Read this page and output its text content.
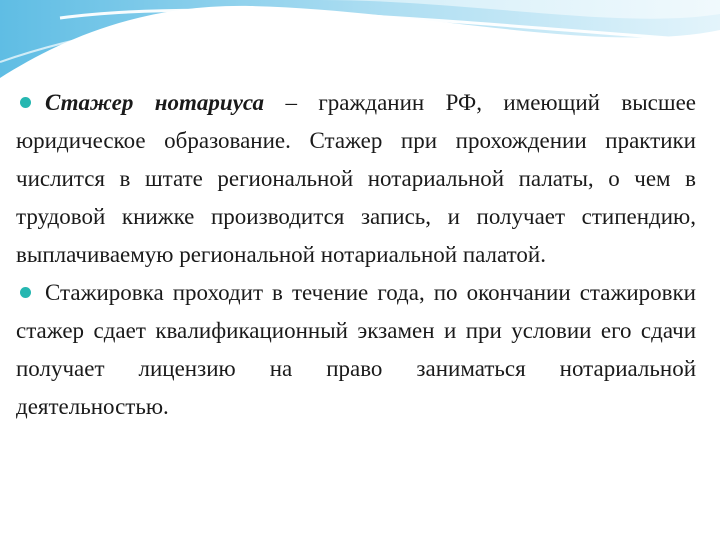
Стажер нотариуса – гражданин РФ, имеющий высшее юридическое образование. Стажер при прохождении практики числится в штате региональной нотариальной палаты, о чем в трудовой книжке производится запись, и получает стипендию, выплачиваемую региональной нотариальной палатой.

Стажировка проходит в течение года, по окончании стажировки стажер сдает квалификационный экзамен и при условии его сдачи получает лицензию на право заниматься нотариальной деятельностью.
